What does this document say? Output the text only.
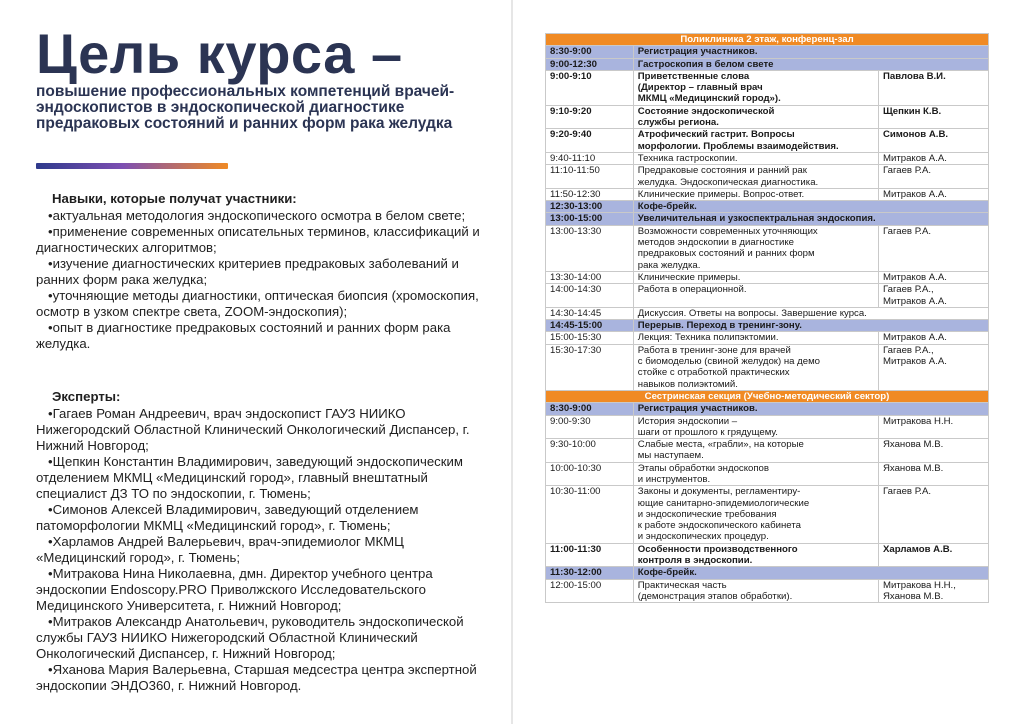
Цель курса –
повышение профессиональных компетенций врачей-эндоскопистов в эндоскопической диагностике предраковых состояний и ранних форм рака желудка
Навыки, которые получат участники:

•актуальная методология эндоскопического осмотра в белом свете;

•применение современных описательных терминов, классификаций и диагностических алгоритмов;

•изучение диагностических критериев предраковых заболеваний и ранних форм рака желудка;

•уточняющие методы диагностики, оптическая биопсия (хромоскопия, осмотр в узком спектре света, ZOOM-эндоскопия);

•опыт в диагностике предраковых состояний и ранних форм рака желудка.

Эксперты:

•Гагаев Роман Андреевич, врач эндоскопист ГАУЗ НИИКО Нижегородский Областной Клинический Онкологический Диспансер, г. Нижний Новгород;

•Щепкин Константин Владимирович, заведующий эндоскопическим отделением МКМЦ «Медицинский город», главный внештатный специалист ДЗ ТО по эндоскопии, г. Тюмень;

•Симонов Алексей Владимирович, заведующий отделением патоморфологии МКМЦ «Медицинский город», г. Тюмень;

•Харламов Андрей Валерьевич, врач-эпидемиолог МКМЦ «Медицинский город», г. Тюмень;

•Митракова Нина Николаевна, дмн. Директор учебного центра эндоскопии Endoscopy.PRO Приволжского Исследовательского Медицинского Университета, г. Нижний Новгород;

•Митраков Александр Анатольевич, руководитель эндоскопической службы ГАУЗ НИИКО Нижегородский Областной Клинический Онкологический Диспансер, г. Нижний Новгород;

•Яханова Мария Валерьевна, Старшая медсестра центра экспертной эндоскопии ЭНДО360, г. Нижний Новгород.

Поликлиника 2 этаж, конференц-зал		
8:30-9:00	Регистрация участников.	
9:00-12:30	Гастроскопия в белом свете	
9:00-9:10	Приветственные слова
(Директор – главный врач
МКМЦ «Медицинский город»).	Павлова В.И.
9:10-9:20	Состояние эндоскопической
службы региона.	Щепкин К.В.
9:20-9:40	Атрофический гастрит. Вопросы
морфологии. Проблемы взаимодействия.	Симонов А.В.
9:40-11:10	Техника гастроскопии.	Митраков А.А.
11:10-11:50	Предраковые состояния и ранний рак
желудка. Эндоскопическая диагностика.	Гагаев Р.А.
11:50-12:30	Клинические примеры. Вопрос-ответ.	Митраков А.А.
12:30-13:00	Кофе-брейк.	
13:00-15:00	Увеличительная и узкоспектральная эндоскопия.	
13:00-13:30	Возможности современных уточняющих
методов эндоскопии в диагностике
предраковых состояний и ранних форм
рака желудка.	Гагаев Р.А.
13:30-14:00	Клинические примеры.	Митраков А.А.
14:00-14:30	Работа в операционной.	Гагаев Р.А.,
Митраков А.А.
14:30-14:45	Дискуссия. Ответы на вопросы. Завершение курса.	
14:45-15:00	Перерыв. Переход в тренинг-зону.	
15:00-15:30	Лекция: Техника полипэктомии.	Митраков А.А.
15:30-17:30	Работа в тренинг-зоне для врачей
с биомоделью (свиной желудок) на демо
стойке с отработкой практических
навыков полиэктомий.	Гагаев Р.А.,
Митраков А.А.
Сестринская секция (Учебно-методический сектор)		
8:30-9:00	Регистрация участников.	
9:00-9:30	История эндоскопии –
шаги от прошлого к грядущему.	Митракова Н.Н.
9:30-10:00	Слабые места, «грабли», на которые
мы наступаем.	Яханова М.В.
10:00-10:30	Этапы обработки эндоскопов
и инструментов.	Яханова М.В.
10:30-11:00	Законы и документы, регламентиру-
ющие санитарно-эпидемиологические
и эндоскопические требования
к работе эндоскопического кабинета
и эндоскопических процедур.	Гагаев Р.А.
11:00-11:30	Особенности производственного
контроля в эндоскопии.	Харламов А.В.
11:30-12:00	Кофе-брейк.	
12:00-15:00	Практическая часть
(демонстрация этапов обработки).	Митракова Н.Н.,
Яханова М.В.
